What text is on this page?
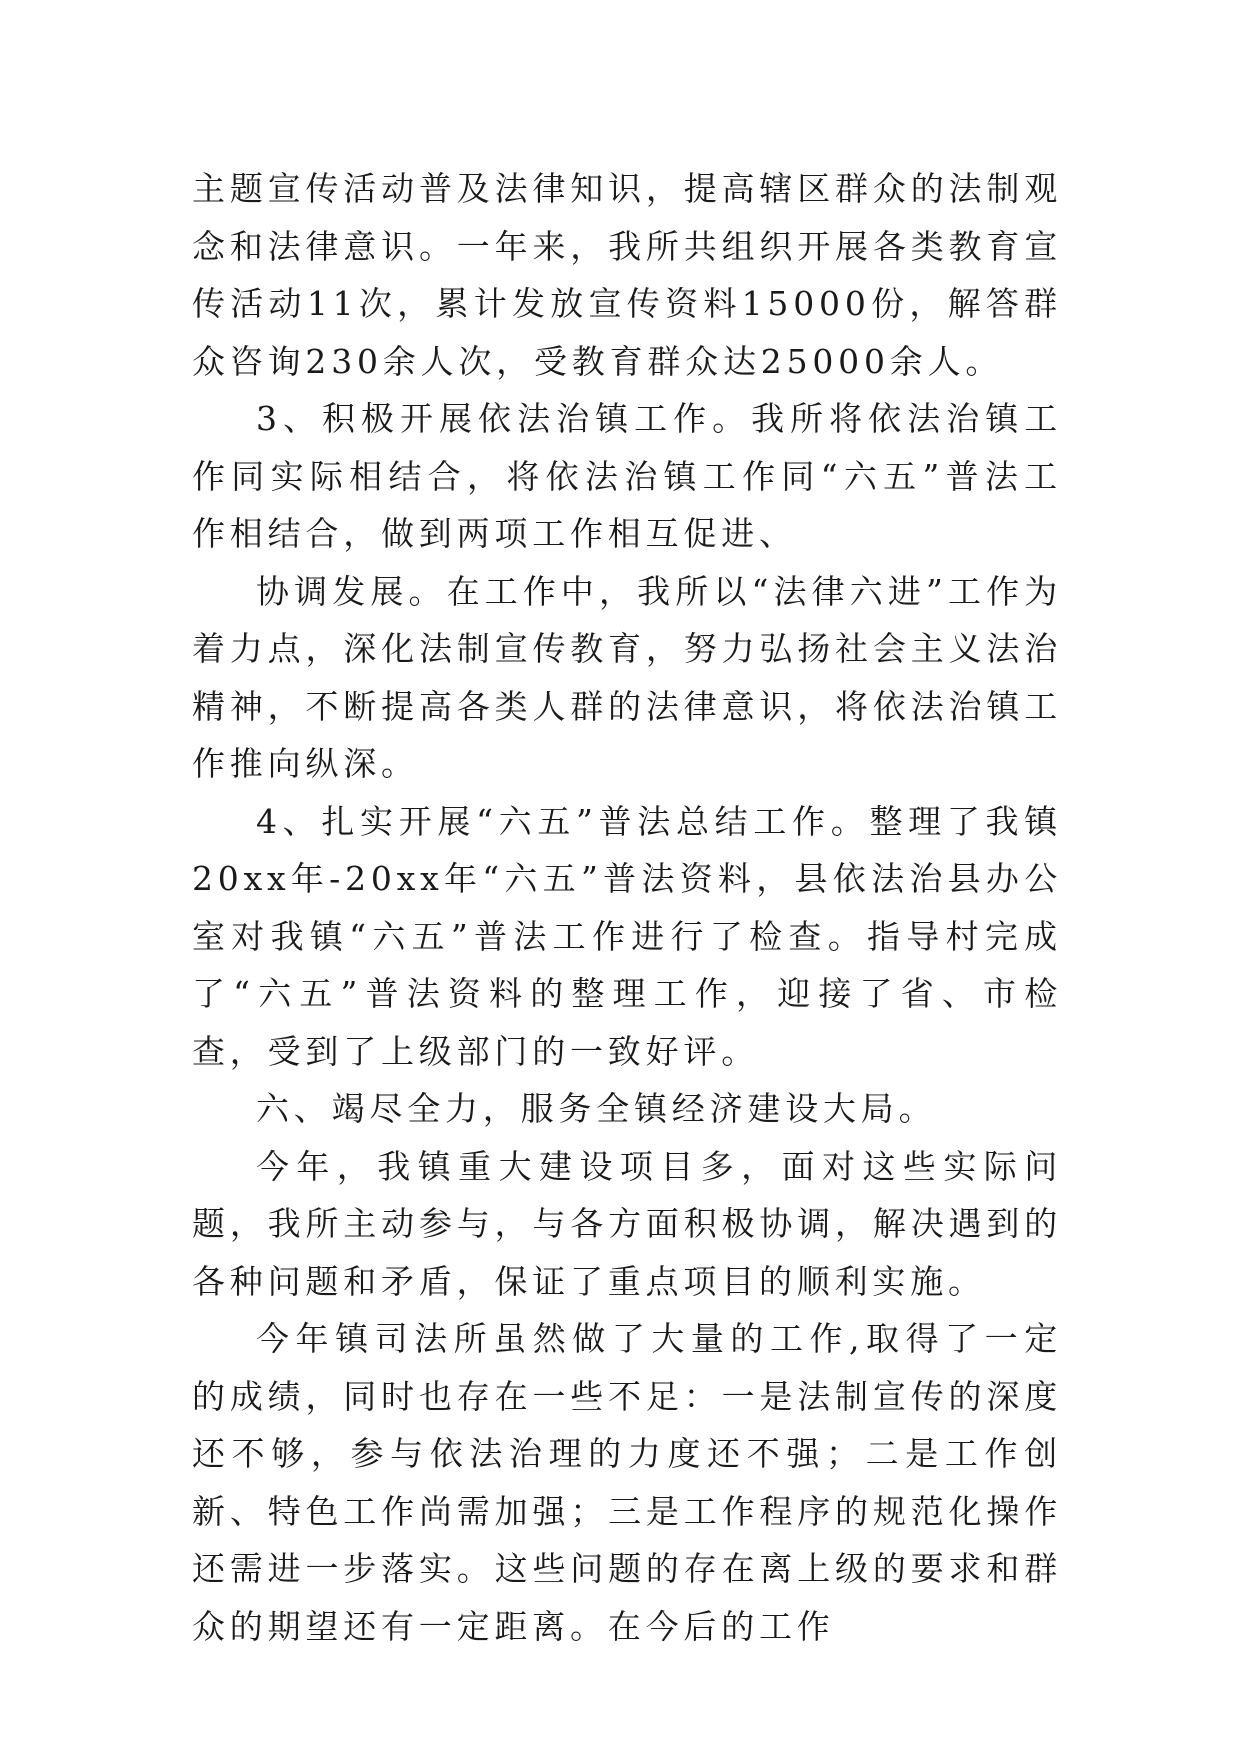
主题宣传活动普及法律知识，提高辖区群众的法制观念和法律意识。一年来，我所共组织开展各类教育宣传活动11次，累计发放宣传资料15000份，解答群众咨询230余人次，受教育群众达25000余人。

3、积极开展依法治镇工作。我所将依法治镇工作同实际相结合，将依法治镇工作同“六五”普法工作相结合，做到两项工作相互促进、

协调发展。在工作中，我所以“法律六进”工作为着力点，深化法制宣传教育，努力弘扬社会主义法治精神，不断提高各类人群的法律意识，将依法治镇工作推向纵深。

4、扎实开展“六五”普法总结工作。整理了我镇20xx年-20xx年“六五”普法资料，县依法治县办公室对我镇“六五”普法工作进行了检查。指导村完成了“六五”普法资料的整理工作，迎接了省、市检查，受到了上级部门的一致好评。

六、竭尽全力，服务全镇经济建设大局。

今年，我镇重大建设项目多，面对这些实际问题，我所主动参与，与各方面积极协调，解决遇到的各种问题和矛盾，保证了重点项目的顺利实施。

今年镇司法所虽然做了大量的工作,取得了一定的成绩，同时也存在一些不足：一是法制宣传的深度还不够，参与依法治理的力度还不强；二是工作创新、特色工作尚需加强；三是工作程序的规范化操作还需进一步落实。这些问题的存在离上级的要求和群众的期望还有一定距离。在今后的工作
